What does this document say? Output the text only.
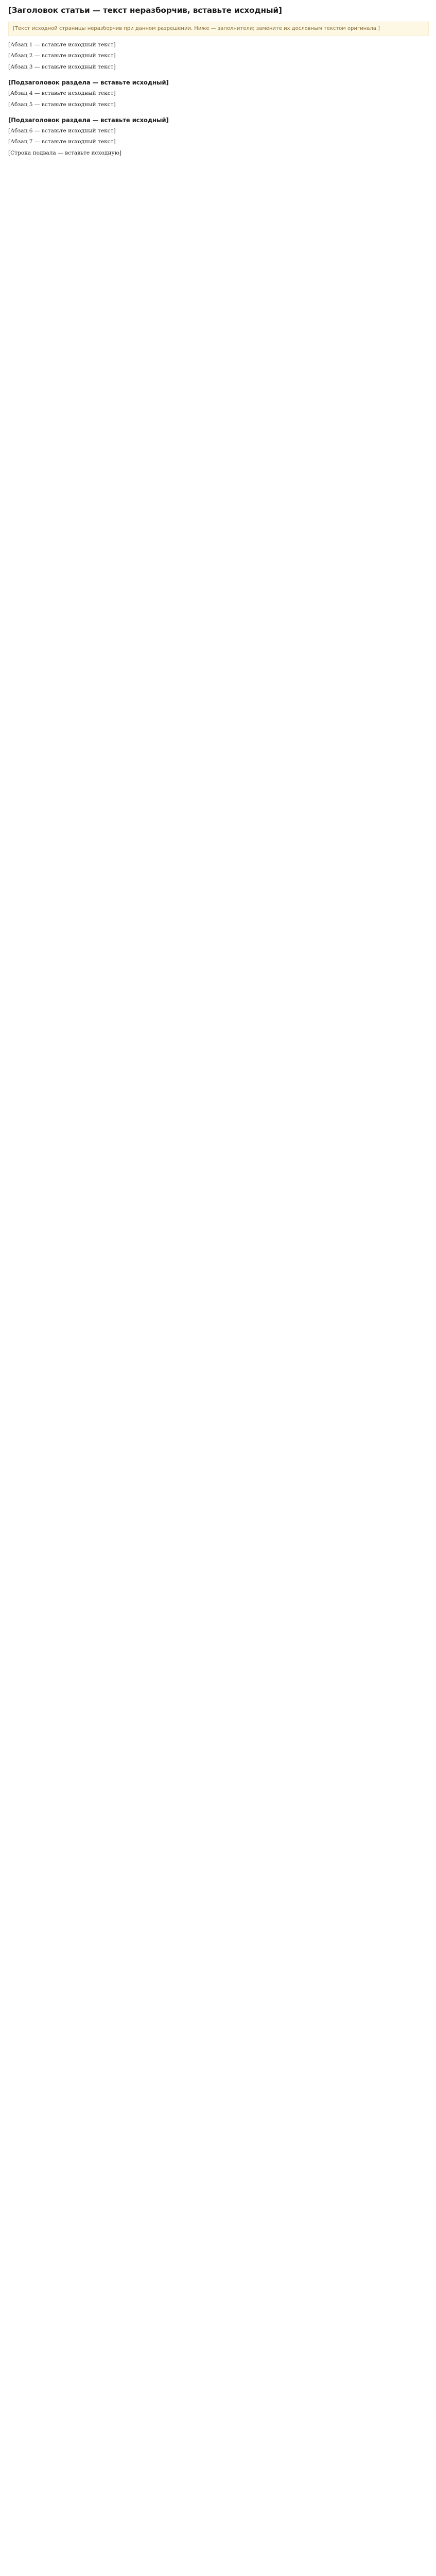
[Заголовок статьи — текст неразборчив, вставьте исходный]
[Текст исходной страницы неразборчив при данном разрешении. Ниже — заполнители; замените их дословным текстом оригинала.]

[Абзац 1 — вставьте исходный текст]

[Абзац 2 — вставьте исходный текст]

[Абзац 3 — вставьте исходный текст]

[Подзаголовок раздела — вставьте исходный]

[Абзац 4 — вставьте исходный текст]

[Абзац 5 — вставьте исходный текст]

[Подзаголовок раздела — вставьте исходный]

[Абзац 6 — вставьте исходный текст]

[Абзац 7 — вставьте исходный текст]

[Строка подвала — вставьте исходную]
